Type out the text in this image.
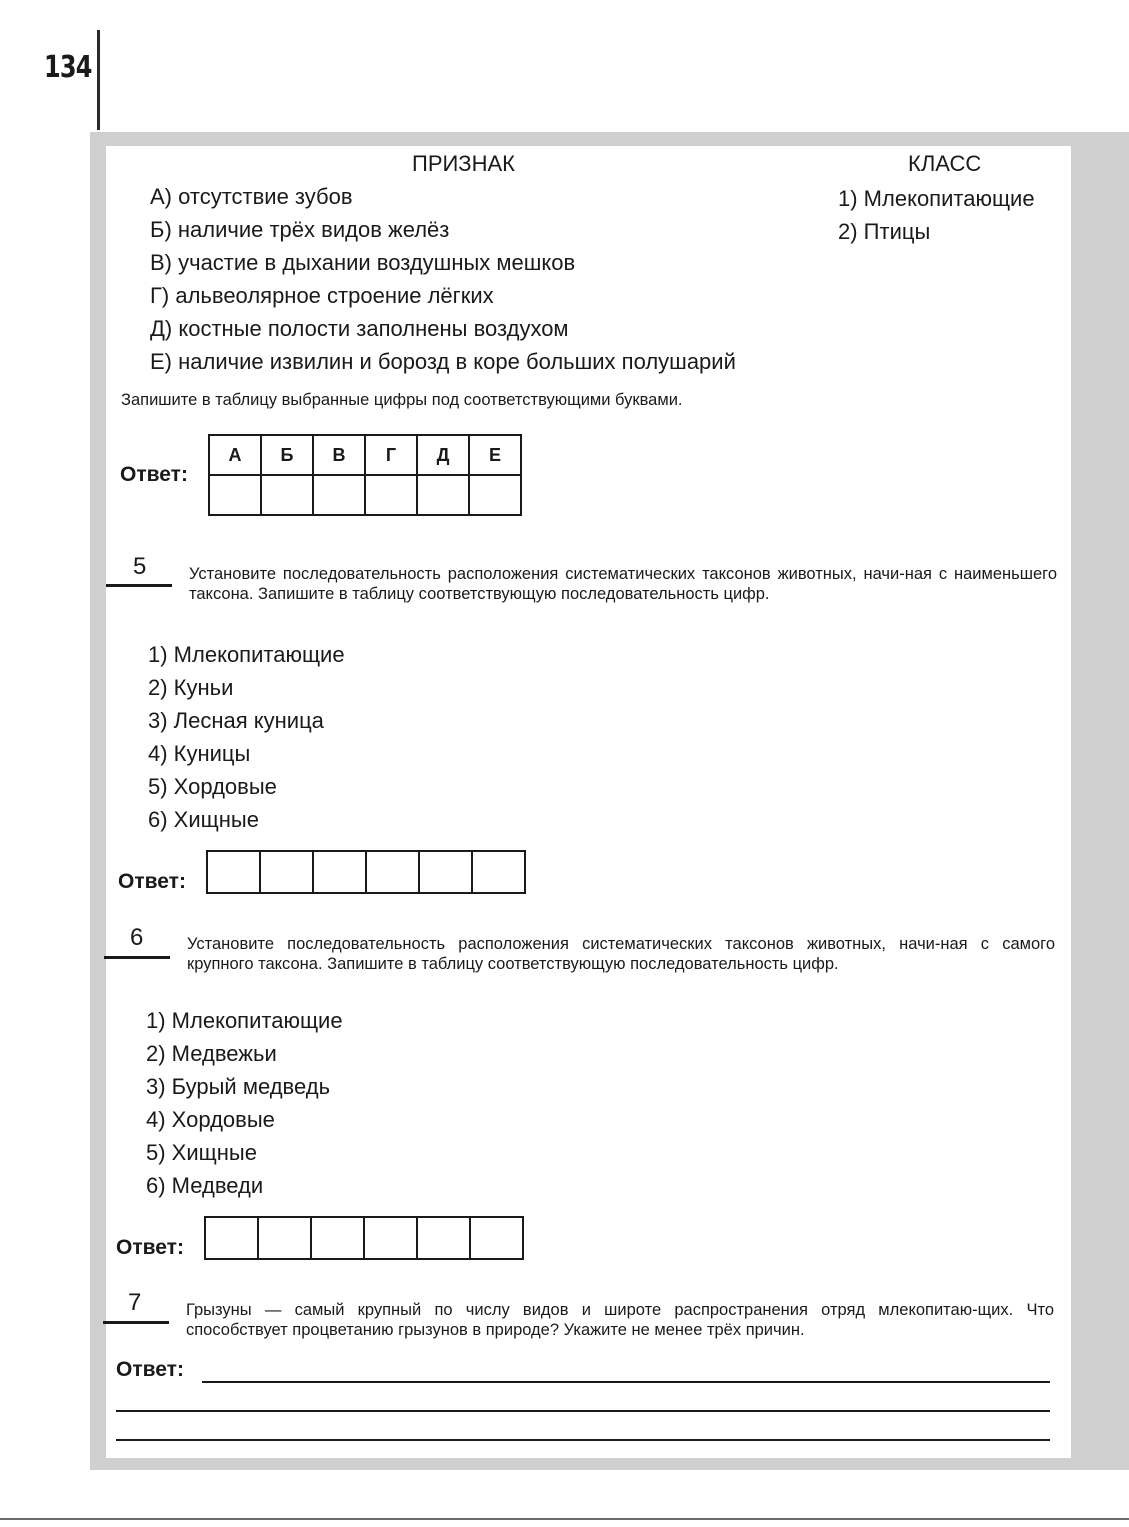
134
ПРИЗНАК	КЛАСС
А) отсутствие зубов
Б) наличие трёх видов желёз
В) участие в дыхании воздушных мешков
Г) альвеолярное строение лёгких
Д) костные полости заполнены воздухом
Е) наличие извилин и борозд в коре больших полушарий
1) Млекопитающие
2) Птицы
Запишите в таблицу выбранные цифры под соответствующими буквами.
Ответ:
А	Б	В	Г	Д	Е

5	Установите последовательность расположения систематических таксонов животных, начи-ная с наименьшего таксона. Запишите в таблицу соответствующую последовательность цифр.
1) Млекопитающие
2) Куньи
3) Лесная куница
4) Куницы
5) Хордовые
6) Хищные
Ответ:
6	Установите последовательность расположения систематических таксонов животных, начи-ная с самого крупного таксона. Запишите в таблицу соответствующую последовательность цифр.
1) Млекопитающие
2) Медвежьи
3) Бурый медведь
4) Хордовые
5) Хищные
6) Медведи
Ответ:
7	Грызуны — самый крупный по числу видов и широте распространения отряд млекопитаю-щих. Что способствует процветанию грызунов в природе? Укажите не менее трёх причин.
Ответ:
